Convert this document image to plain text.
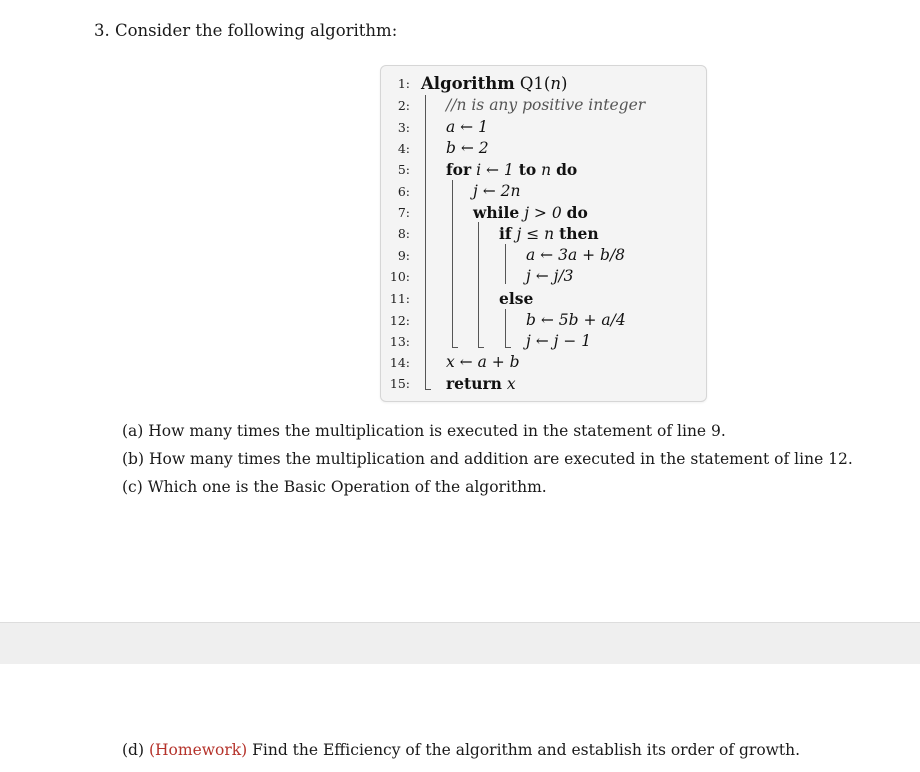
3. Consider the following algorithm:
1:
2:
3:
4:
5:
6:
7:
8:
9:
10:
11:
12:
13:
14:
15:
Algorithm Q1(n)
//n is any positive integer
a ← 1
b ← 2
for i ← 1 to n do
j ← 2n
while j > 0 do
if j ≤ n then
a ← 3a + b/8
j ← j/3
else
b ← 5b + a/4
j ← j − 1
x ← a + b
return x
(a) How many times the multiplication is executed in the statement of line 9.
(b) How many times the multiplication and addition are executed in the statement of line 12.
(c) Which one is the Basic Operation of the algorithm.
(d) (Homework) Find the Efficiency of the algorithm and establish its order of growth.
